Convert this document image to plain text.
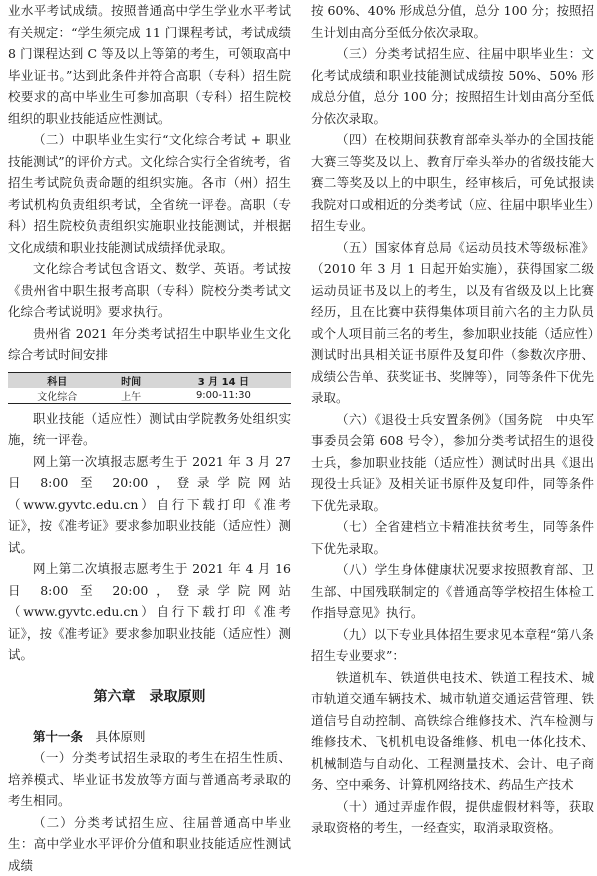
业水平考试成绩。按照普通高中学生学业水平考试有关规定：“学生须完成 11 门课程考试，考试成绩 8 门课程达到 C 等及以上等第的考生，可领取高中毕业证书。”达到此条件并符合高职（专科）招生院校要求的高中毕业生可参加高职（专科）招生院校组织的职业技能适应性测试。

（二）中职毕业生实行“文化综合考试 + 职业技能测试”的评价方式。文化综合实行全省统考，省招生考试院负责命题的组织实施。各市（州）招生考试机构负责组织考试，全省统一评卷。高职（专科）招生院校负责组织实施职业技能测试，并根据文化成绩和职业技能测试成绩择优录取。

文化综合考试包含语文、数学、英语。考试按《贵州省中职生报考高职（专科）院校分类考试文化综合考试说明》要求执行。

贵州省 2021 年分类考试招生中职毕业生文化综合考试时间安排

科目	时间	3 月 14 日
文化综合	上午	9:00-11:30

职业技能（适应性）测试由学院教务处组织实施，统一评卷。

网上第一次填报志愿考生于 2021 年 3 月 27 日 8:00 至 20:00，登录学院网站（www.gyvtc.edu.cn）自行下载打印《准考证》，按《准考证》要求参加职业技能（适应性）测试。

网上第二次填报志愿考生于 2021 年 4 月 16 日 8:00 至 20:00，登录学院网站（www.gyvtc.edu.cn）自行下载打印《准考证》，按《准考证》要求参加职业技能（适应性）测试。

第六章　录取原则

第十一条　具体原则

（一）分类考试招生录取的考生在招生性质、培养模式、毕业证书发放等方面与普通高考录取的考生相同。

（二）分类考试招生应、往届普通高中毕业生：高中学业水平评价分值和职业技能适应性测试成绩

按 60%、40% 形成总分值，总分 100 分；按照招生计划由高分至低分依次录取。

（三）分类考试招生应、往届中职毕业生：文化考试成绩和职业技能测试成绩按 50%、50% 形成总分值，总分 100 分；按照招生计划由高分至低分依次录取。

（四）在校期间获教育部牵头举办的全国技能大赛三等奖及以上、教育厅牵头举办的省级技能大赛二等奖及以上的中职生，经审核后，可免试报读我院对口或相近的分类考试（应、往届中职毕业生）招生专业。

（五）国家体育总局《运动员技术等级标准》（2010 年 3 月 1 日起开始实施），获得国家二级运动员证书及以上的考生，以及有省级及以上比赛经历，且在比赛中获得集体项目前六名的主力队员或个人项目前三名的考生，参加职业技能（适应性）测试时出具相关证书原件及复印件（参数次序册、成绩公告单、获奖证书、奖牌等），同等条件下优先录取。

（六）《退役士兵安置条例》（国务院　中央军事委员会第 608 号令），参加分类考试招生的退役士兵，参加职业技能（适应性）测试时出具《退出现役士兵证》及相关证书原件及复印件，同等条件下优先录取。

（七）全省建档立卡精准扶贫考生，同等条件下优先录取。

（八）学生身体健康状况要求按照教育部、卫生部、中国残联制定的《普通高等学校招生体检工作指导意见》执行。

（九）以下专业具体招生要求见本章程“第八条招生专业要求”：

铁道机车、铁道供电技术、铁道工程技术、城市轨道交通车辆技术、城市轨道交通运营管理、铁道信号自动控制、高铁综合维修技术、汽车检测与维修技术、飞机机电设备维修、机电一体化技术、机械制造与自动化、工程测量技术、会计、电子商务、空中乘务、计算机网络技术、药品生产技术

（十）通过弄虚作假，提供虚假材料等，获取录取资格的考生，一经查实，取消录取资格。
